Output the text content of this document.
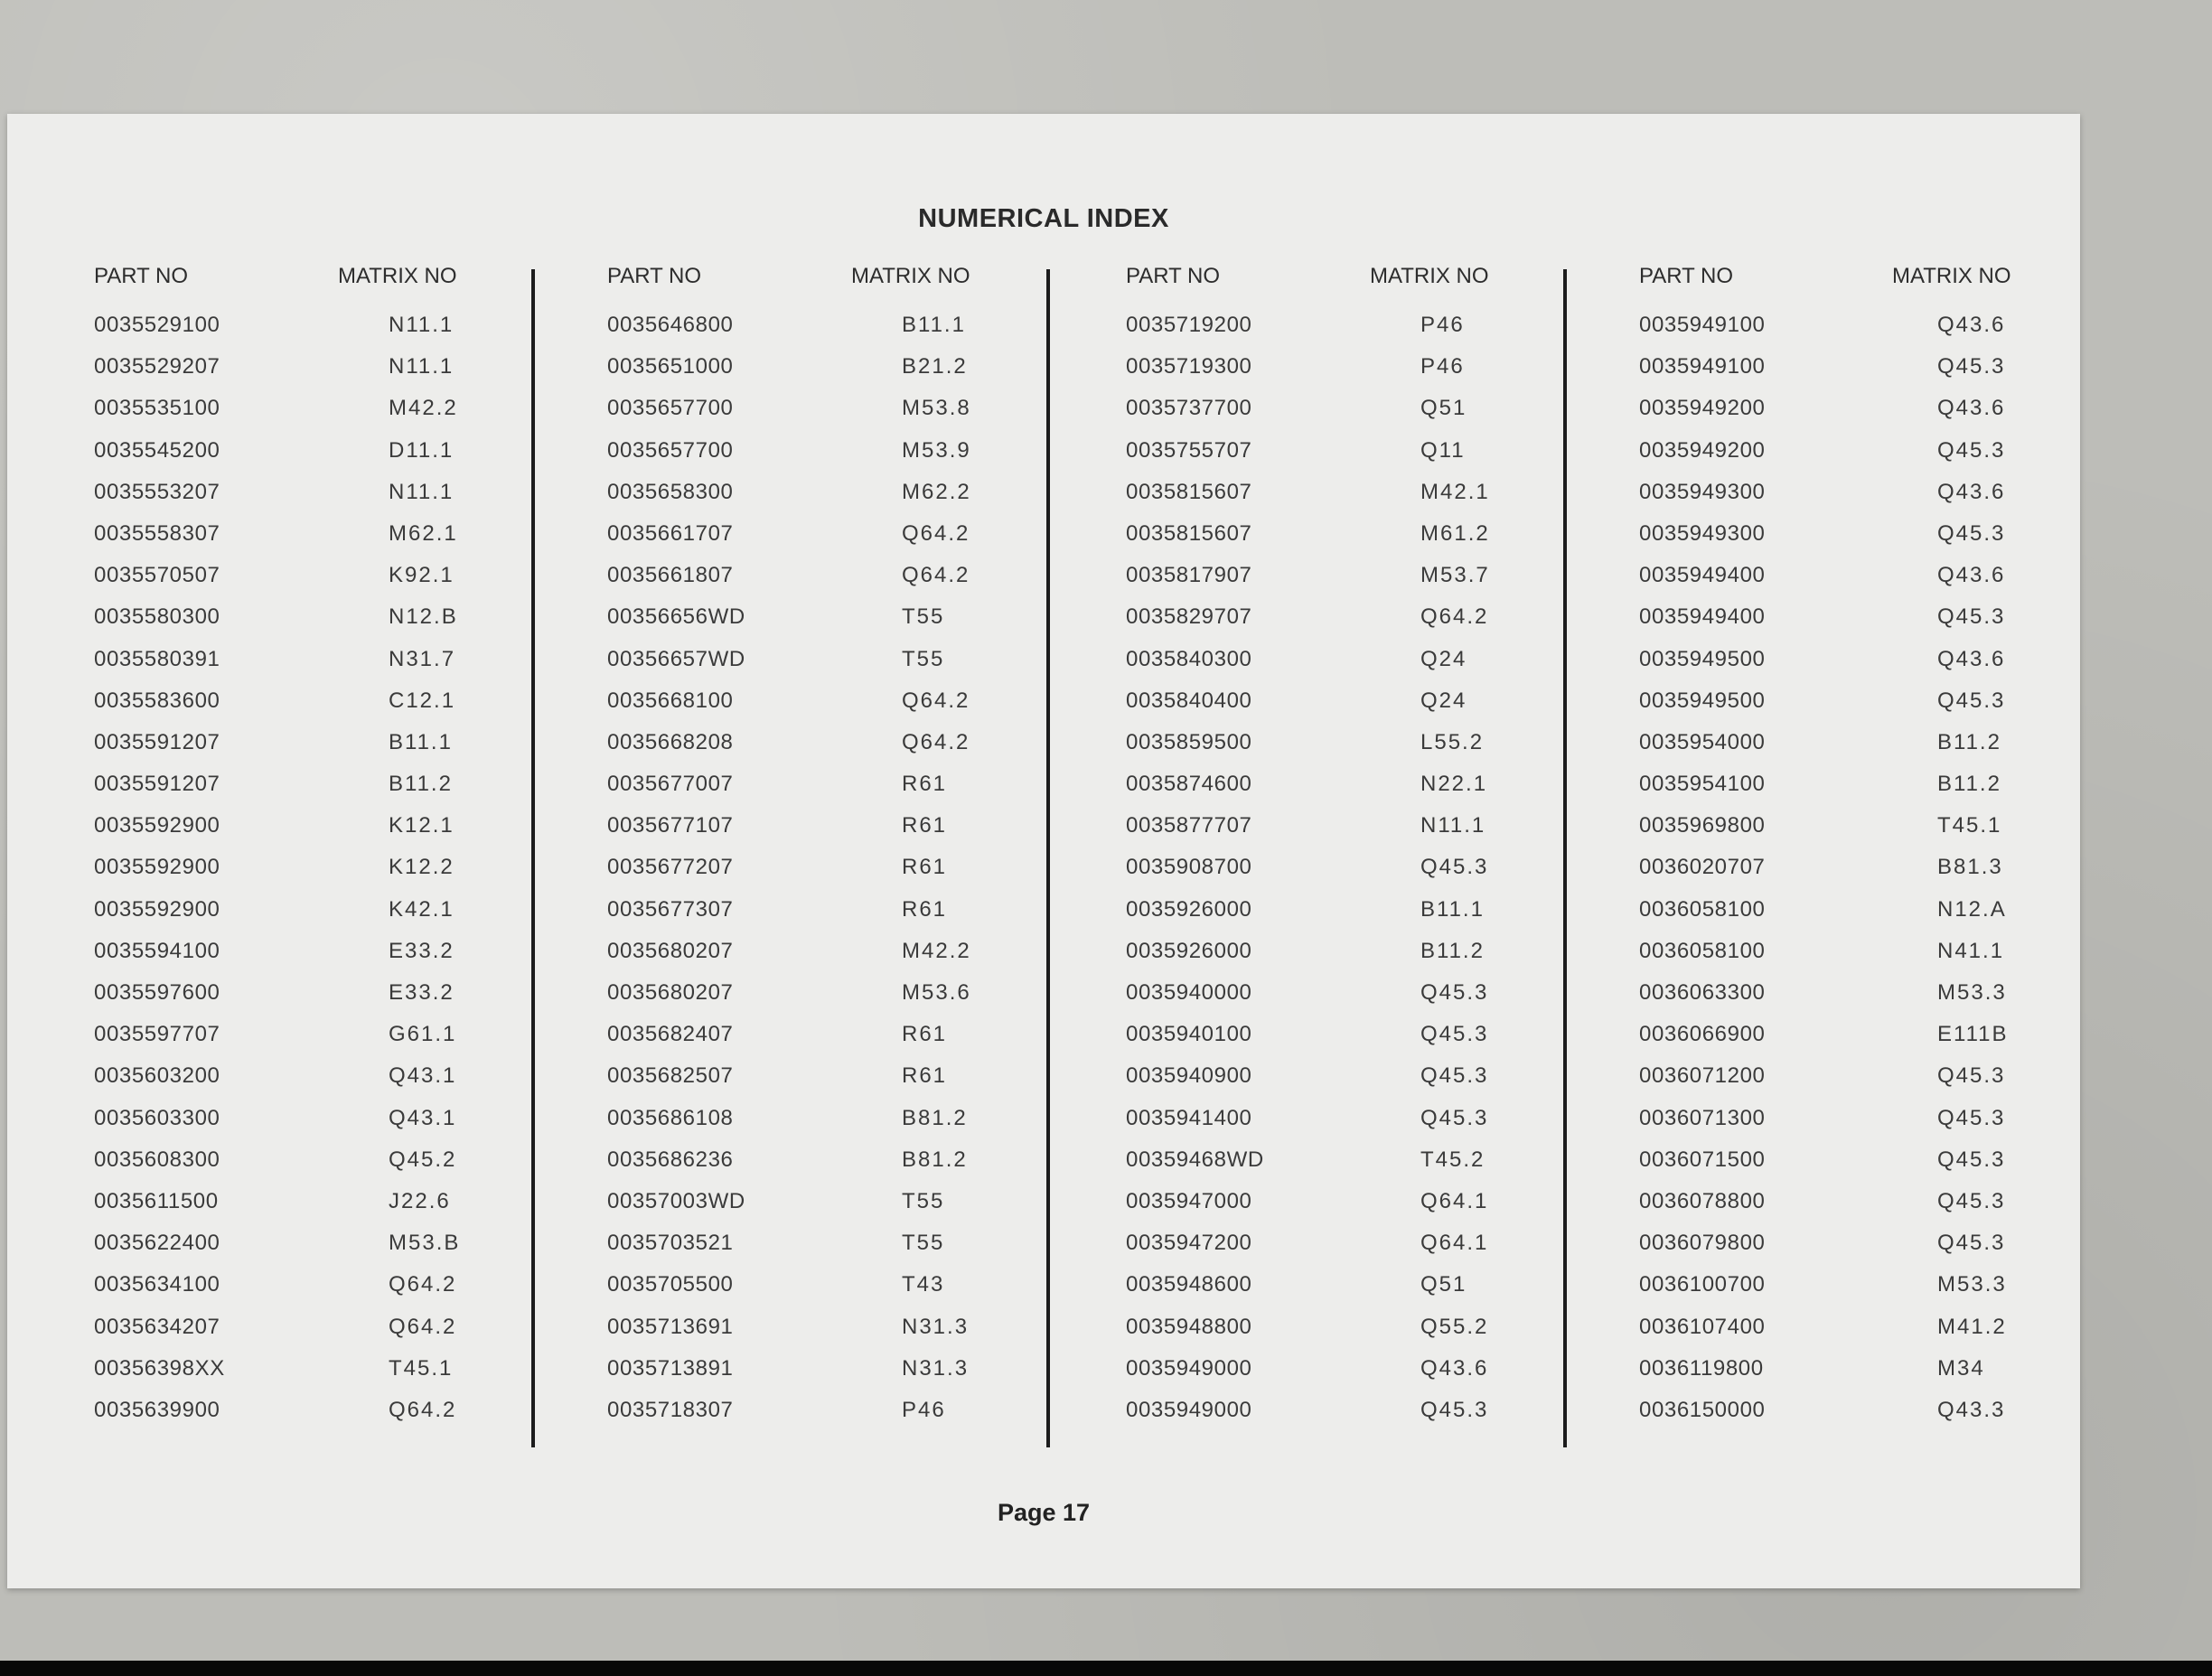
NUMERICAL INDEX
PART NO	MATRIX NO
0035529100	N11.1
0035529207	N11.1
0035535100	M42.2
0035545200	D11.1
0035553207	N11.1
0035558307	M62.1
0035570507	K92.1
0035580300	N12.B
0035580391	N31.7
0035583600	C12.1
0035591207	B11.1
0035591207	B11.2
0035592900	K12.1
0035592900	K12.2
0035592900	K42.1
0035594100	E33.2
0035597600	E33.2
0035597707	G61.1
0035603200	Q43.1
0035603300	Q43.1
0035608300	Q45.2
0035611500	J22.6
0035622400	M53.B
0035634100	Q64.2
0035634207	Q64.2
00356398XX	T45.1
0035639900	Q64.2
PART NO	MATRIX NO
0035646800	B11.1
0035651000	B21.2
0035657700	M53.8
0035657700	M53.9
0035658300	M62.2
0035661707	Q64.2
0035661807	Q64.2
00356656WD	T55
00356657WD	T55
0035668100	Q64.2
0035668208	Q64.2
0035677007	R61
0035677107	R61
0035677207	R61
0035677307	R61
0035680207	M42.2
0035680207	M53.6
0035682407	R61
0035682507	R61
0035686108	B81.2
0035686236	B81.2
00357003WD	T55
0035703521	T55
0035705500	T43
0035713691	N31.3
0035713891	N31.3
0035718307	P46
PART NO	MATRIX NO
0035719200	P46
0035719300	P46
0035737700	Q51
0035755707	Q11
0035815607	M42.1
0035815607	M61.2
0035817907	M53.7
0035829707	Q64.2
0035840300	Q24
0035840400	Q24
0035859500	L55.2
0035874600	N22.1
0035877707	N11.1
0035908700	Q45.3
0035926000	B11.1
0035926000	B11.2
0035940000	Q45.3
0035940100	Q45.3
0035940900	Q45.3
0035941400	Q45.3
00359468WD	T45.2
0035947000	Q64.1
0035947200	Q64.1
0035948600	Q51
0035948800	Q55.2
0035949000	Q43.6
0035949000	Q45.3
PART NO	MATRIX NO
0035949100	Q43.6
0035949100	Q45.3
0035949200	Q43.6
0035949200	Q45.3
0035949300	Q43.6
0035949300	Q45.3
0035949400	Q43.6
0035949400	Q45.3
0035949500	Q43.6
0035949500	Q45.3
0035954000	B11.2
0035954100	B11.2
0035969800	T45.1
0036020707	B81.3
0036058100	N12.A
0036058100	N41.1
0036063300	M53.3
0036066900	E111B
0036071200	Q45.3
0036071300	Q45.3
0036071500	Q45.3
0036078800	Q45.3
0036079800	Q45.3
0036100700	M53.3
0036107400	M41.2
0036119800	M34
0036150000	Q43.3
Page 17
